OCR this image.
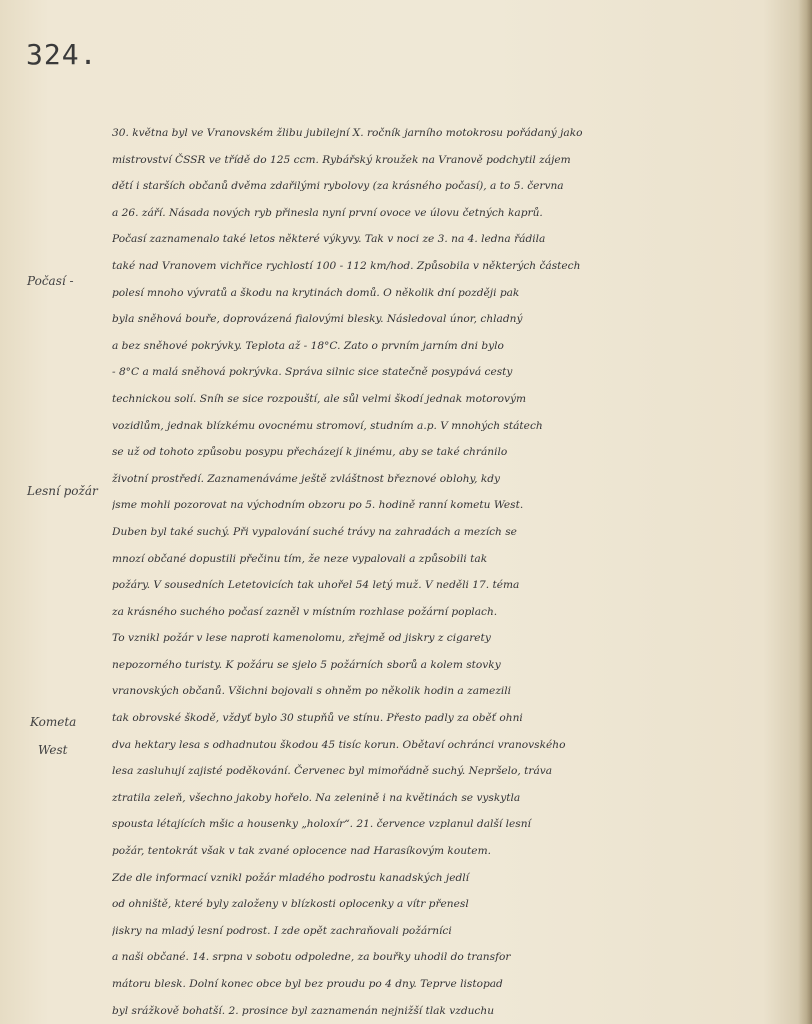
324.
Počasí -
Lesní požár
Kometa
West
30. května byl ve Vranovském žlibu jubilejní X. ročník jarního motokrosu pořádaný jako
mistrovství ČSSR ve třídě do 125 ccm. Rybářský kroužek na Vranově podchytil zájem
dětí i starších občanů dvěma zdařilými rybolovy (za krásného počasí), a to 5. června
a 26. září. Násada nových ryb přinesla nyní první ovoce ve úlovu četných kaprů.
Počasí zaznamenalo také letos některé výkyvy. Tak v noci ze 3. na 4. ledna řádila
také nad Vranovem vichřice rychlostí 100 - 112 km/hod. Způsobila v některých částech
polesí mnoho vývratů a škodu na krytinách domů. O několik dní později pak
byla sněhová bouře, doprovázená fialovými blesky. Následoval únor, chladný
a bez sněhové pokrývky. Teplota až - 18°C. Zato o prvním jarním dni bylo
- 8°C a malá sněhová pokrývka. Správa silnic sice statečně posypává cesty
technickou solí. Sníh se sice rozpouští, ale sůl velmi škodí jednak motorovým
vozidlům, jednak blízkému ovocnému stromoví, studním a.p. V mnohých státech
se už od tohoto způsobu posypu přecházejí k jinému, aby se také chránilo
životní prostředí. Zaznamenáváme ještě zvláštnost březnové oblohy, kdy
jsme mohli pozorovat na východním obzoru po 5. hodině ranní kometu West.
Duben byl také suchý. Při vypalování suché trávy na zahradách a mezích se
mnozí občané dopustili přečinu tím, že neze vypalovali a způsobili tak
požáry. V sousedních Letetovicích tak uhořel 54 letý muž. V neděli 17. téma
za krásného suchého počasí zazněl v místním rozhlase požární poplach.
To vznikl požár v lese naproti kamenolomu, zřejmě od jiskry z cigarety
nepozorného turisty. K požáru se sjelo 5 požárních sborů a kolem stovky
vranovských občanů. Všichni bojovali s ohněm po několik hodin a zamezili
tak obrovské škodě, vždyť bylo 30 stupňů ve stínu. Přesto padly za oběť ohni
dva hektary lesa s odhadnutou škodou 45 tisíc korun. Obětaví ochránci vranovského
lesa zasluhují zajisté poděkování. Červenec byl mimořádně suchý. Nepršelo, tráva
ztratila zeleň, všechno jakoby hořelo. Na zelenině i na květinách se vyskytla
spousta létajících mšic a housenky „holoxír“. 21. července vzplanul další lesní
požár, tentokrát však v tak zvané oplocence nad Harasíkovým koutem.
Zde dle informací vznikl požár mladého podrostu kanadských jedlí
od ohniště, které byly založeny v blízkosti oplocenky a vítr přenesl
jiskry na mladý lesní podrost. I zde opět zachraňovali požárníci
a naši občané. 14. srpna v sobotu odpoledne, za bouřky uhodil do transfor
mátoru blesk. Dolní konec obce byl bez proudu po 4 dny. Teprve listopad
byl srážkově bohatší. 2. prosince byl zaznamenán nejnižší tlak vzduchu
